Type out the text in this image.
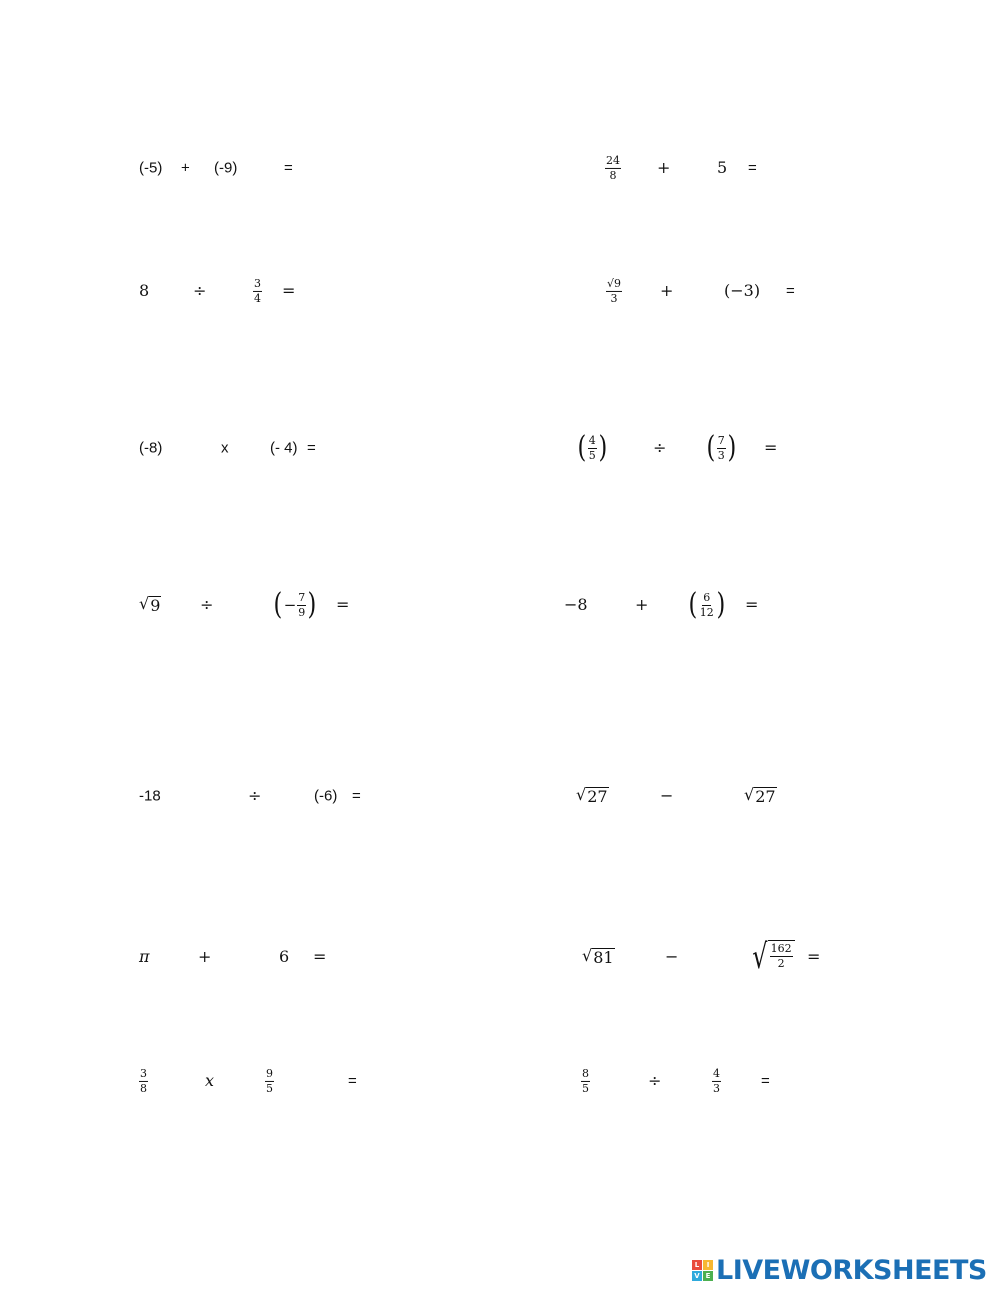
(-5) + (-9)	=	$\frac{24}{8}$ +	5 =
8	÷	$\frac{3}{4}$ =	$\frac{√9}{3}$ +	(−3) =
(-8)	x	(- 4) =	( $\frac{4}{5}$ )	÷ ( $\frac{7}{3}$ ) =
√ 9 ÷ ( − $\frac{7}{9}$ ) =	−8	+ ( $\frac{6}{12}$ ) =
-18	÷	(-6) =	√ 27	−	√ 27
π	+	6 =	√ 81	− √ $\frac{162}{2}$ =
$\frac{3}{8}$	x	$\frac{9}{5}$	=	$\frac{8}{5}$	÷	$\frac{4}{3}$	=
L	I
V E LIVEWORKSHEETS
